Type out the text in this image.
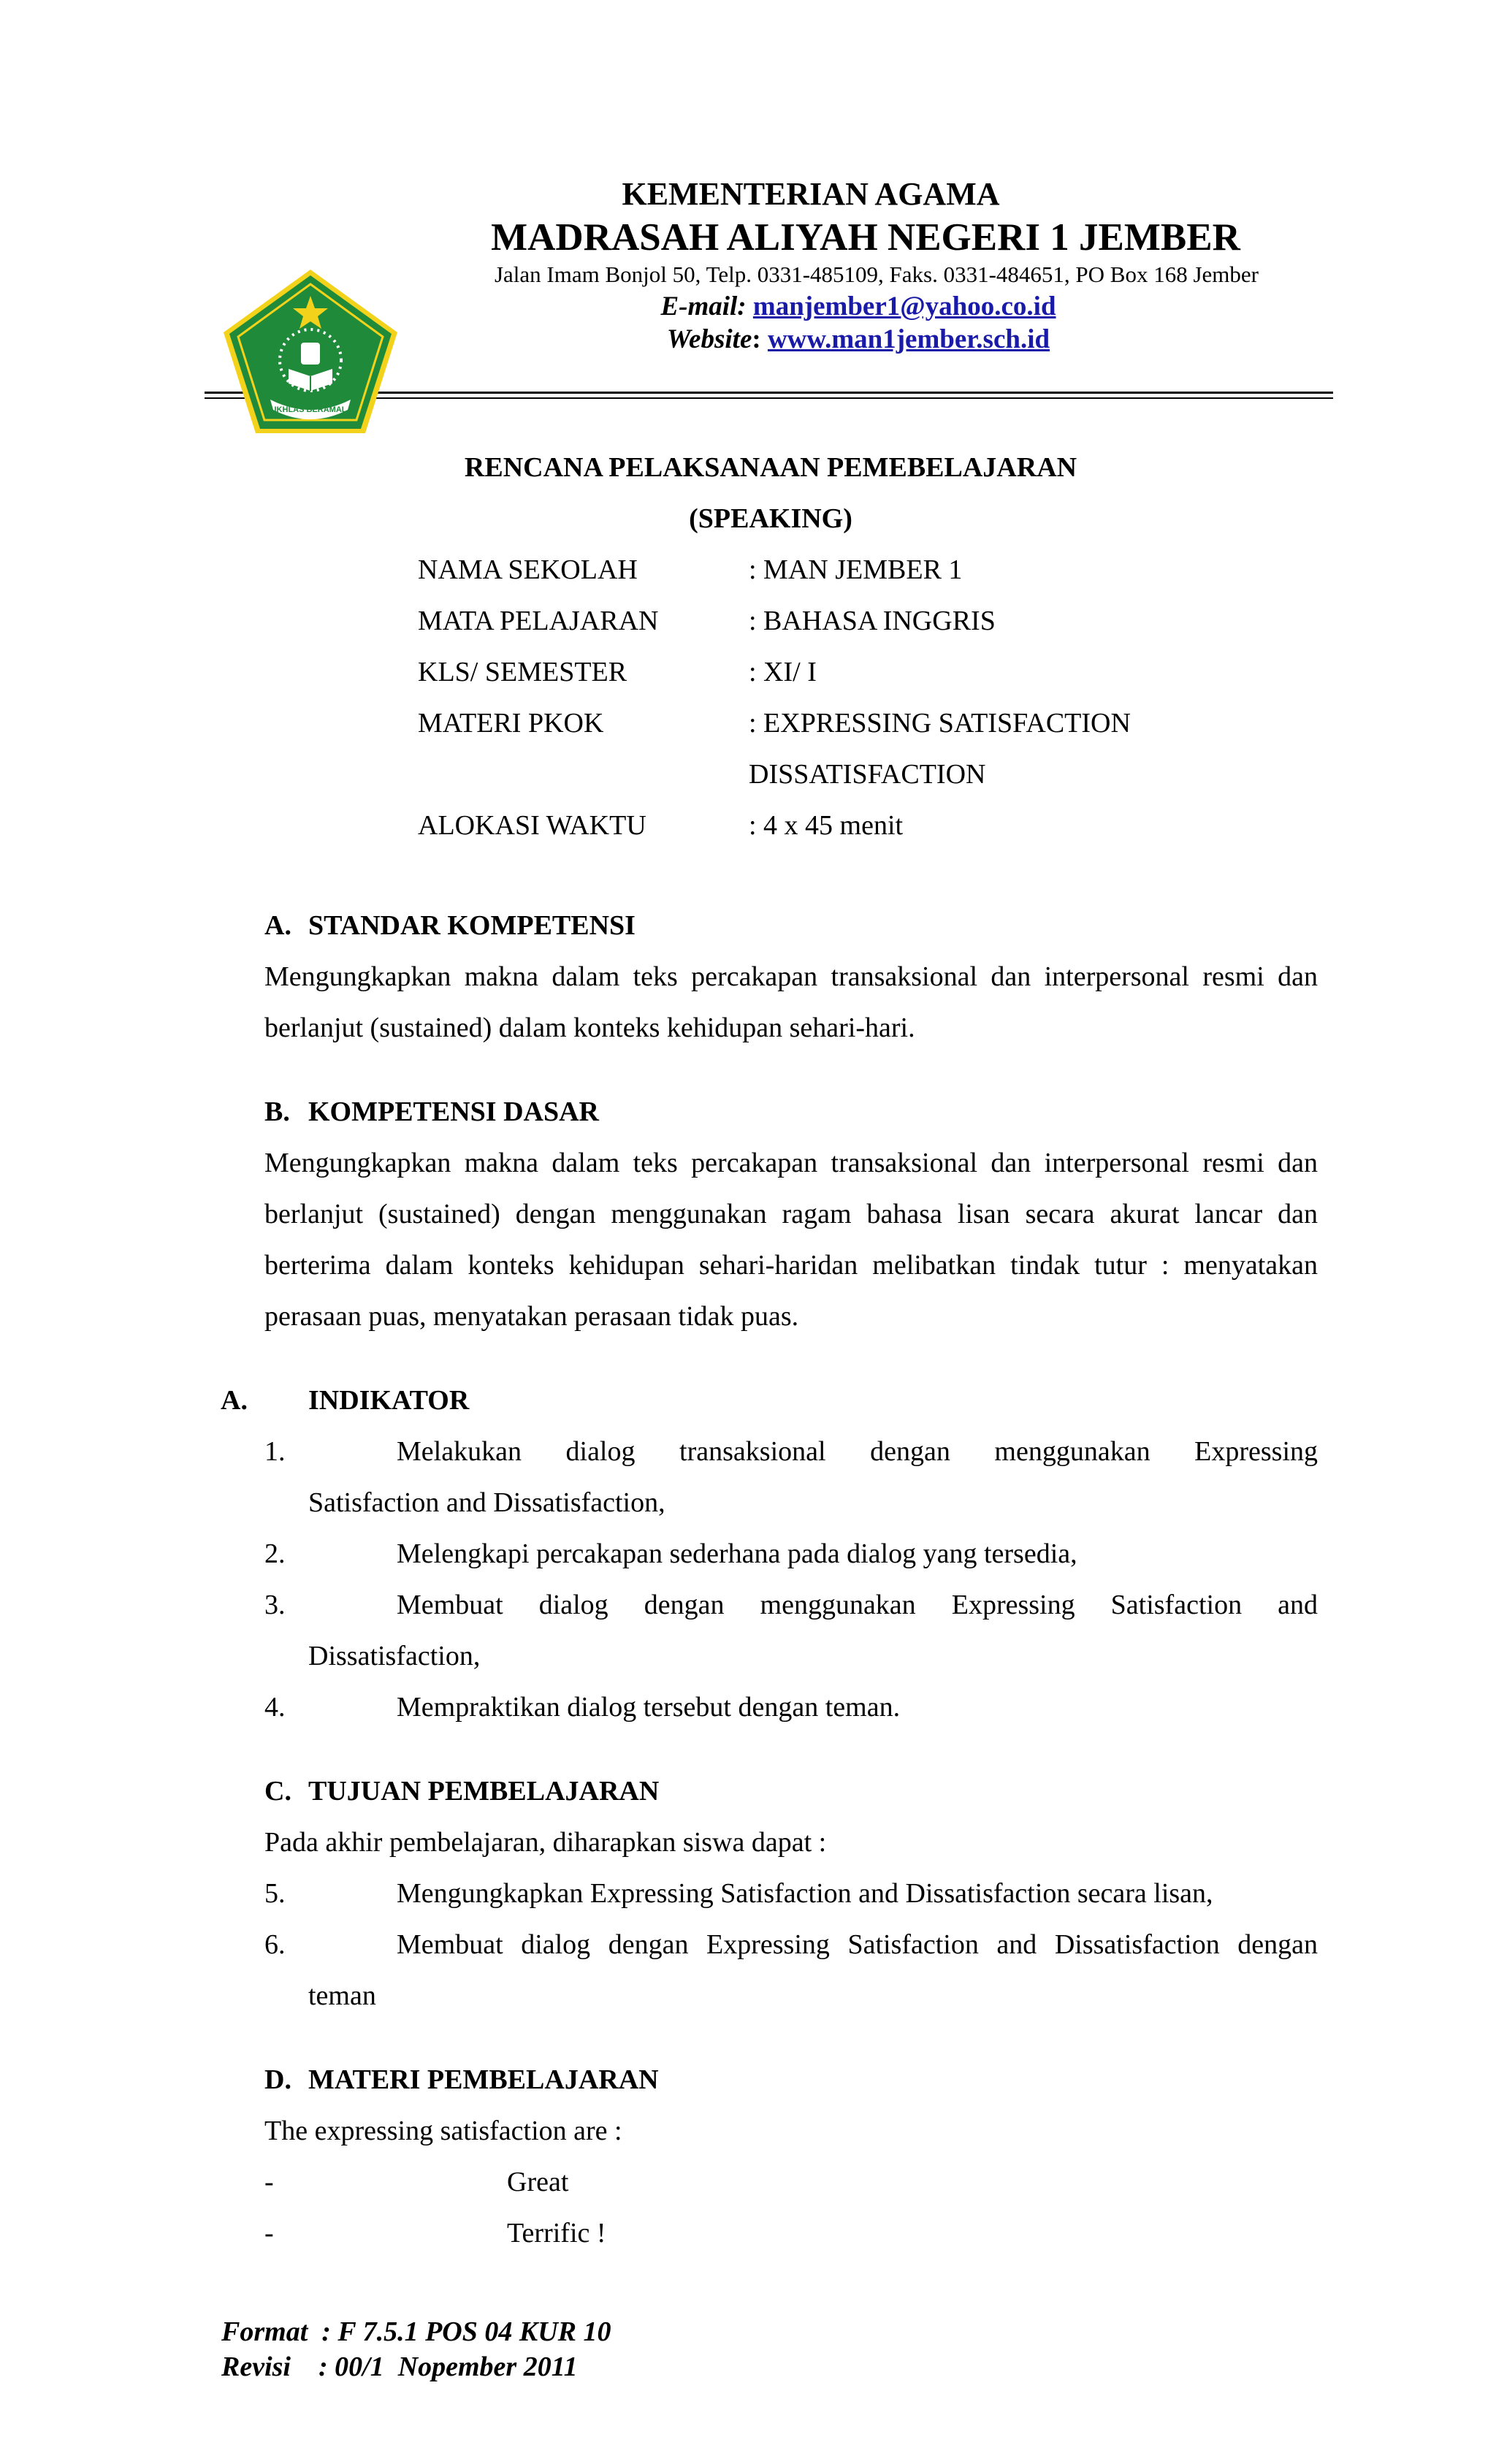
KEMENTERIAN AGAMA
MADRASAH ALIYAH NEGERI 1 JEMBER
Jalan Imam Bonjol 50, Telp. 0331-485109, Faks. 0331-484651, PO Box 168 Jember
E-mail: manjember1@yahoo.co.id
Website: www.man1jember.sch.id
IKHLAS BERAMAL
RENCANA PELAKSANAAN PEMEBELAJARAN
(SPEAKING)
NAMA SEKOLAH	: MAN JEMBER 1
MATA PELAJARAN	: BAHASA INGGRIS
KLS/ SEMESTER	: XI/ I
MATERI PKOK	: EXPRESSING SATISFACTION
DISSATISFACTION
ALOKASI WAKTU	: 4 x 45 menit
A. STANDAR KOMPETENSI
Mengungkapkan makna dalam teks percakapan transaksional dan interpersonal resmi dan
berlanjut (sustained) dalam konteks kehidupan sehari-hari.
B. KOMPETENSI DASAR
Mengungkapkan makna dalam teks percakapan transaksional dan interpersonal resmi dan
berlanjut (sustained) dengan menggunakan ragam bahasa lisan secara akurat lancar dan
berterima dalam konteks kehidupan sehari-haridan melibatkan tindak tutur : menyatakan
perasaan puas, menyatakan perasaan tidak puas.
A. INDIKATOR
1.	Melakukan dialog transaksional dengan menggunakan Expressing
Satisfaction and Dissatisfaction,
2.	Melengkapi percakapan sederhana pada dialog yang tersedia,
3.	Membuat dialog dengan menggunakan Expressing Satisfaction and
Dissatisfaction,
4.	Mempraktikan dialog tersebut dengan teman.
C. TUJUAN PEMBELAJARAN
Pada akhir pembelajaran, diharapkan siswa dapat :
5.	Mengungkapkan Expressing Satisfaction and Dissatisfaction secara lisan,
6.	Membuat dialog dengan Expressing Satisfaction and Dissatisfaction dengan
teman
D. MATERI PEMBELAJARAN
The expressing satisfaction are :
-	Great
-	Terrific !
Format  : F 7.5.1 POS 04 KUR 10
Revisi    : 00/1  Nopember 2011
